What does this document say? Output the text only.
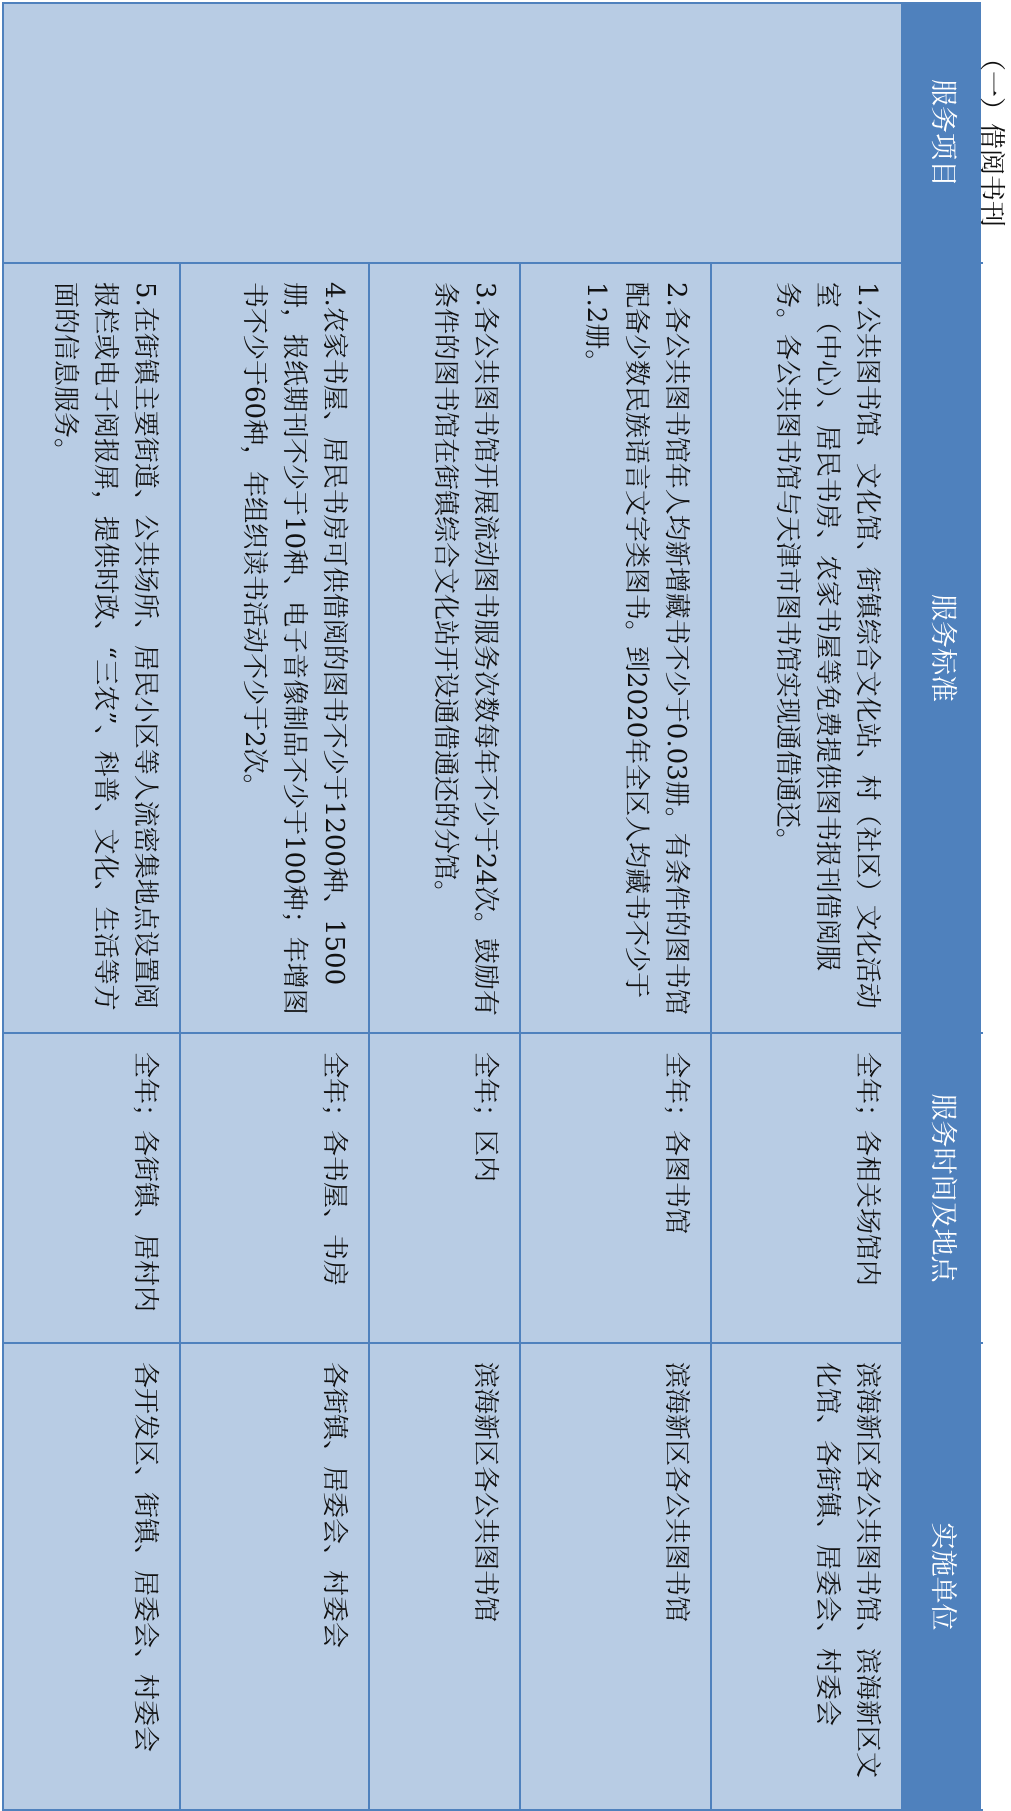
服务项目	服务标准	服务时间及地点	实施单位
（一）借阅书刊	1.公共图书馆、文化馆、街镇综合文化站、村（社区）文化活动室（中心）、居民书房、农家书屋等免费提供图书报刊借阅服务。各公共图书馆与天津市图书馆实现通借通还。	全年；各相关场馆内	滨海新区各公共图书馆、滨海新区文化馆、各街镇、居委会、村委会
	2.各公共图书馆年人均新增藏书不少于0.03册。有条件的图书馆配备少数民族语言文字类图书。到2020年全区人均藏书不少于1.2册。	全年；各图书馆	滨海新区各公共图书馆
	3.各公共图书馆开展流动图书服务次数每年不少于24次。鼓励有条件的图书馆在街镇综合文化站开设通借通还的分馆。	全年；区内	滨海新区各公共图书馆
	4.农家书屋、居民书房可供借阅的图书不少于1200种、1500册，报纸期刊不少于10种、电子音像制品不少于100种；年增图书不少于60种，年组织读书活动不少于2次。	全年；各书屋、书房	各街镇、居委会、村委会
	5.在街镇主要街道、公共场所、居民小区等人流密集地点设置阅报栏或电子阅报屏，提供时政、“三农”、科普、文化、生活等方面的信息服务。	全年；各街镇、居村内	各开发区、街镇、居委会、村委会
